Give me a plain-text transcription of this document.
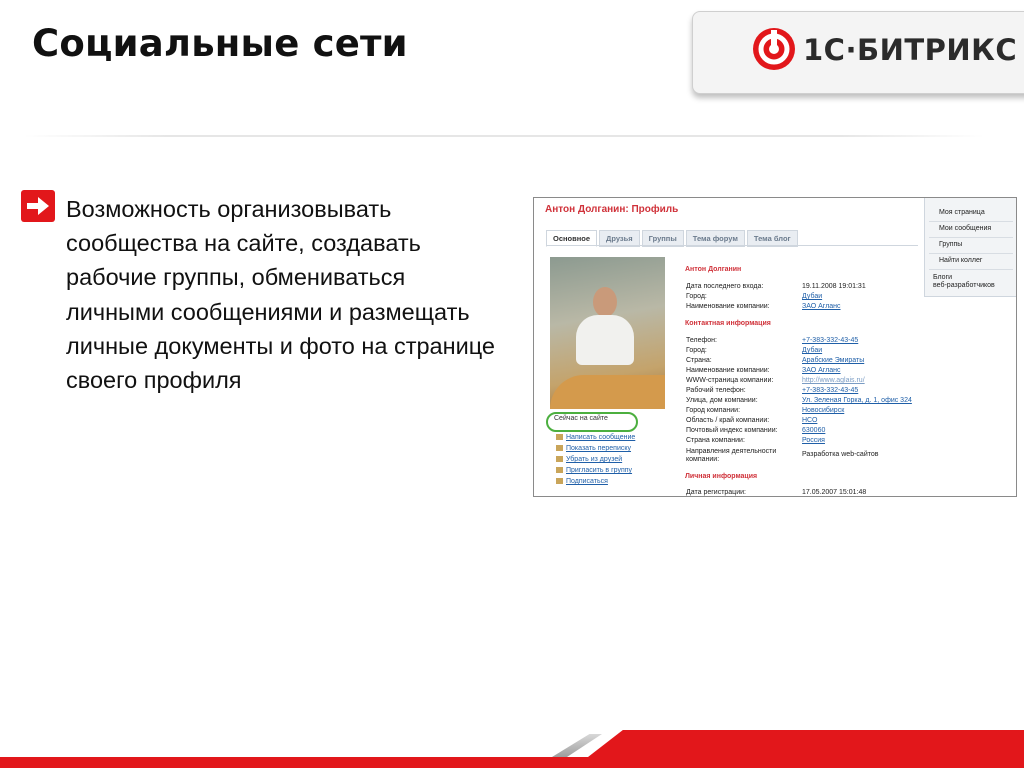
Социальные сети	1С·БИТРИКС
Возможность организовывать сообщества на сайте, создавать рабочие группы, обмениваться личными сообщениями и размещать личные документы и фото на странице своего профиля
Антон Долганин: Профиль
Основное	Друзья	Группы	Тема форум	Тема блог
Сейчас на сайте
Написать сообщение
Показать переписку
Убрать из друзей
Пригласить в группу
Подписаться
Антон Долганин
Дата последнего входа:	19.11.2008 19:01:31
Город:	Дубаи
Наименование компании:	ЗАО Агланс
Контактная информация
Телефон:	+7-383-332-43-45
Город:	Дубаи
Страна:	Арабские Эмираты
Наименование компании:	ЗАО Агланс
WWW-страница компании:	http://www.aglais.ru/
Рабочий телефон:	+7-383-332-43-45
Улица, дом компании:	Ул. Зеленая Горка, д. 1, офис 324
Город компании:	Новосибирск
Область / край компании:	НСО
Почтовый индекс компании:	630060
Страна компании:	Россия
Направления деятельности компании:
Разработка web-сайтов
Личная информация
Дата регистрации:	17.05.2007 15:01:48
Моя страница
Мои сообщения
Группы
Найти коллег
Блоги
веб-разработчиков
